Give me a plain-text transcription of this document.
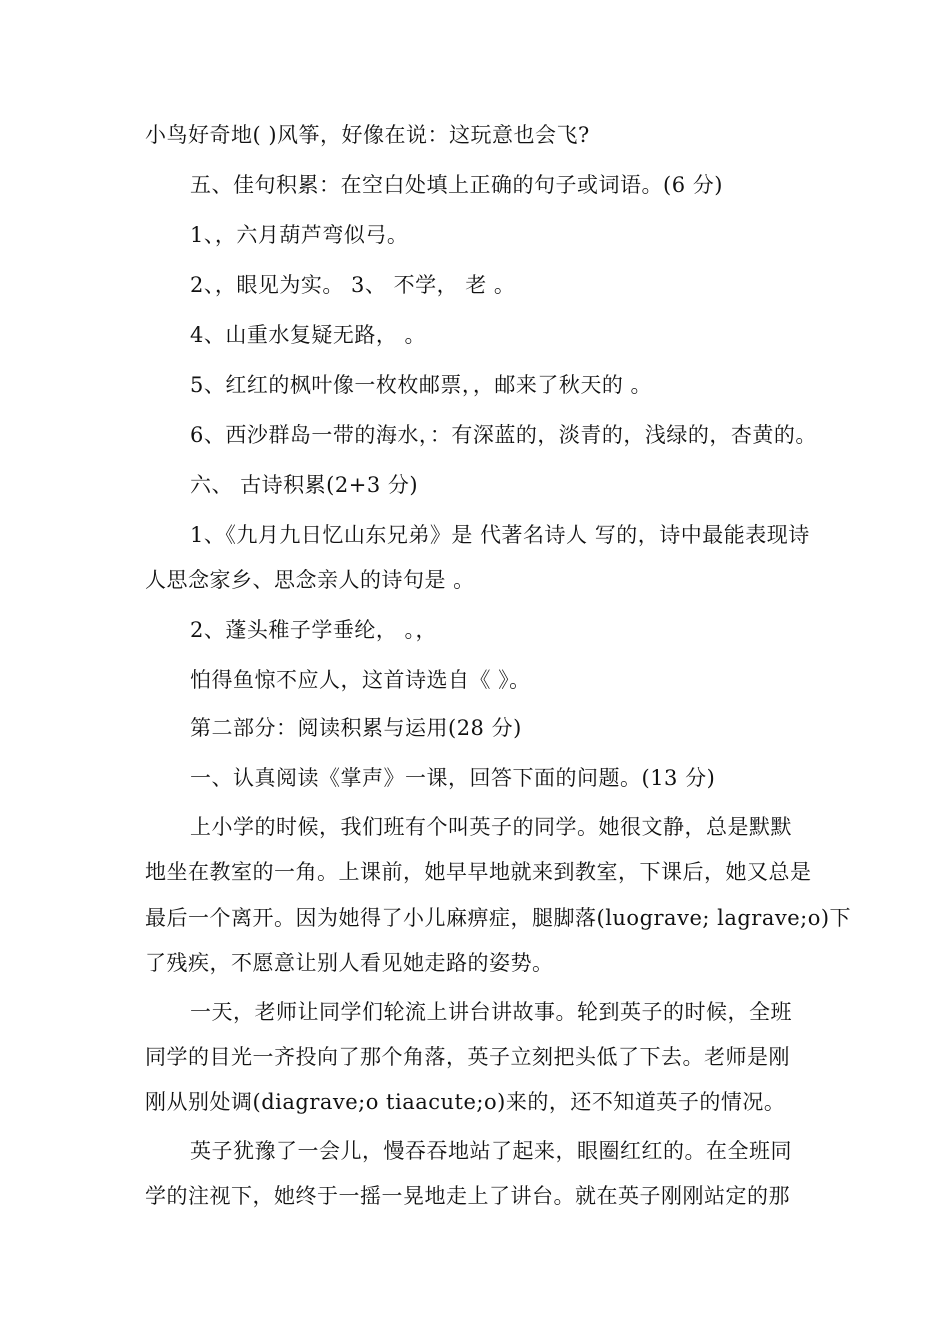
小鸟好奇地( )风筝，好像在说：这玩意也会飞?
五、佳句积累：在空白处填上正确的句子或词语。(6 分)
1、，六月葫芦弯似弓。
2、，眼见为实。 3、 不学， 老 。
4、山重水复疑无路， 。
5、红红的枫叶像一枚枚邮票，，邮来了秋天的 。
6、西沙群岛一带的海水，：有深蓝的，淡青的，浅绿的，杏黄的。
六、 古诗积累(2+3 分)
1、《九月九日忆山东兄弟》是 代著名诗人 写的，诗中最能表现诗
人思念家乡、思念亲人的诗句是 。
2、蓬头稚子学垂纶， 。，
怕得鱼惊不应人，这首诗选自《 》。
第二部分：阅读积累与运用(28 分)
一、认真阅读《掌声》一课，回答下面的问题。(13 分)
上小学的时候，我们班有个叫英子的同学。她很文静，总是默默
地坐在教室的一角。上课前，她早早地就来到教室，下课后，她又总是
最后一个离开。因为她得了小儿麻痹症，腿脚落(luograve; lagrave;o)下
了残疾，不愿意让别人看见她走路的姿势。
一天，老师让同学们轮流上讲台讲故事。轮到英子的时候，全班
同学的目光一齐投向了那个角落，英子立刻把头低了下去。老师是刚
刚从别处调(diagrave;o tiaacute;o)来的，还不知道英子的情况。
英子犹豫了一会儿，慢吞吞地站了起来，眼圈红红的。在全班同
学的注视下，她终于一摇一晃地走上了讲台。就在英子刚刚站定的那
